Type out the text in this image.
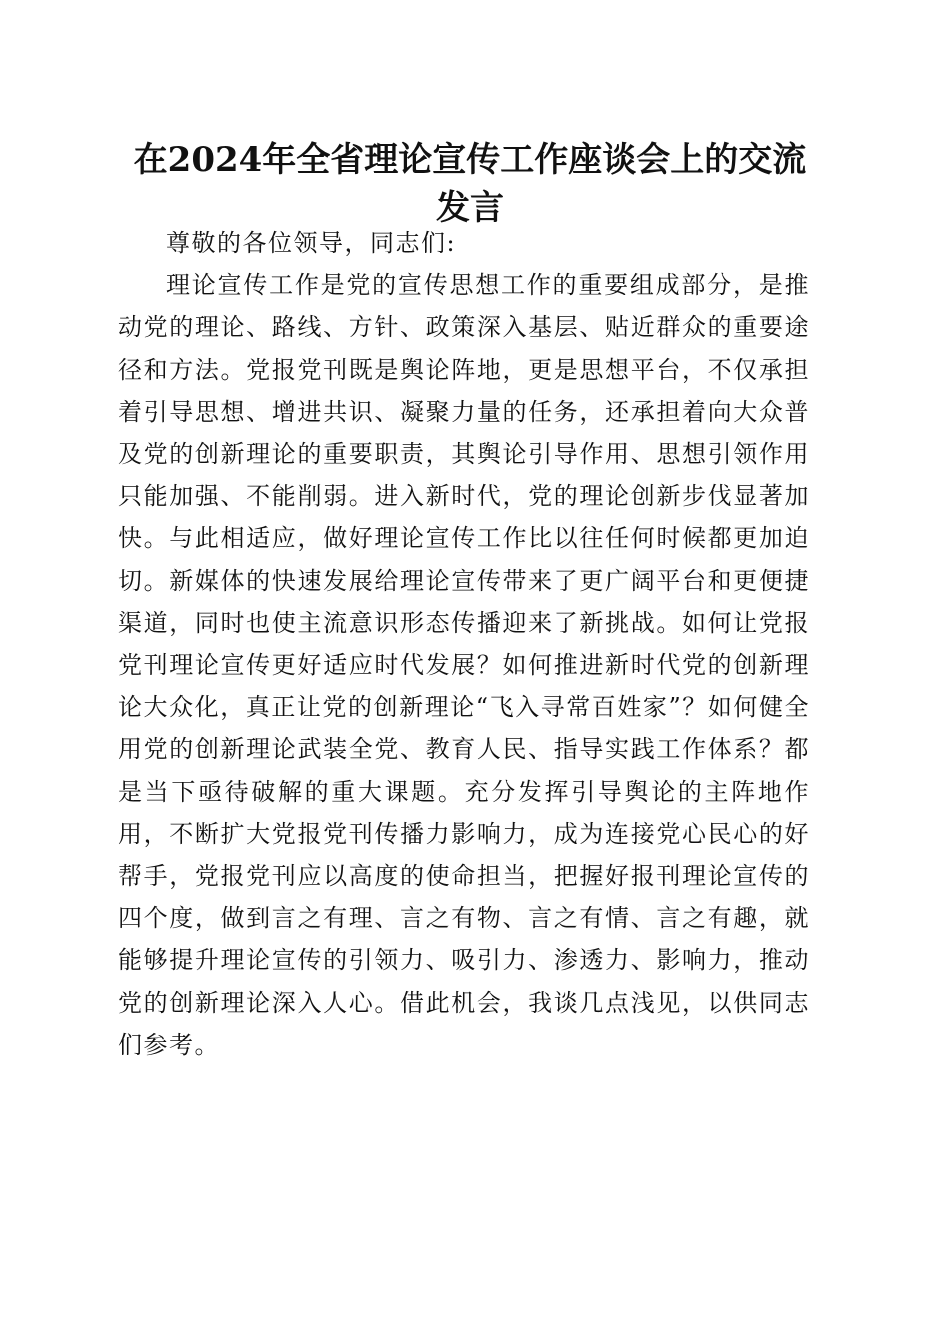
在2024年全省理论宣传工作座谈会上的交流发言

尊敬的各位领导，同志们:

理论宣传工作是党的宣传思想工作的重要组成部分，是推动党的理论、路线、方针、政策深入基层、贴近群众的重要途径和方法。党报党刊既是舆论阵地，更是思想平台，不仅承担着引导思想、增进共识、凝聚力量的任务，还承担着向大众普及党的创新理论的重要职责，其舆论引导作用、思想引领作用只能加强、不能削弱。进入新时代，党的理论创新步伐显著加快。与此相适应，做好理论宣传工作比以往任何时候都更加迫切。新媒体的快速发展给理论宣传带来了更广阔平台和更便捷渠道，同时也使主流意识形态传播迎来了新挑战。如何让党报党刊理论宣传更好适应时代发展？如何推进新时代党的创新理论大众化，真正让党的创新理论“飞入寻常百姓家”？如何健全用党的创新理论武装全党、教育人民、指导实践工作体系？都是当下亟待破解的重大课题。充分发挥引导舆论的主阵地作用，不断扩大党报党刊传播力影响力，成为连接党心民心的好帮手，党报党刊应以高度的使命担当，把握好报刊理论宣传的四个度，做到言之有理、言之有物、言之有情、言之有趣，就能够提升理论宣传的引领力、吸引力、渗透力、影响力，推动党的创新理论深入人心。借此机会，我谈几点浅见，以供同志们参考。
